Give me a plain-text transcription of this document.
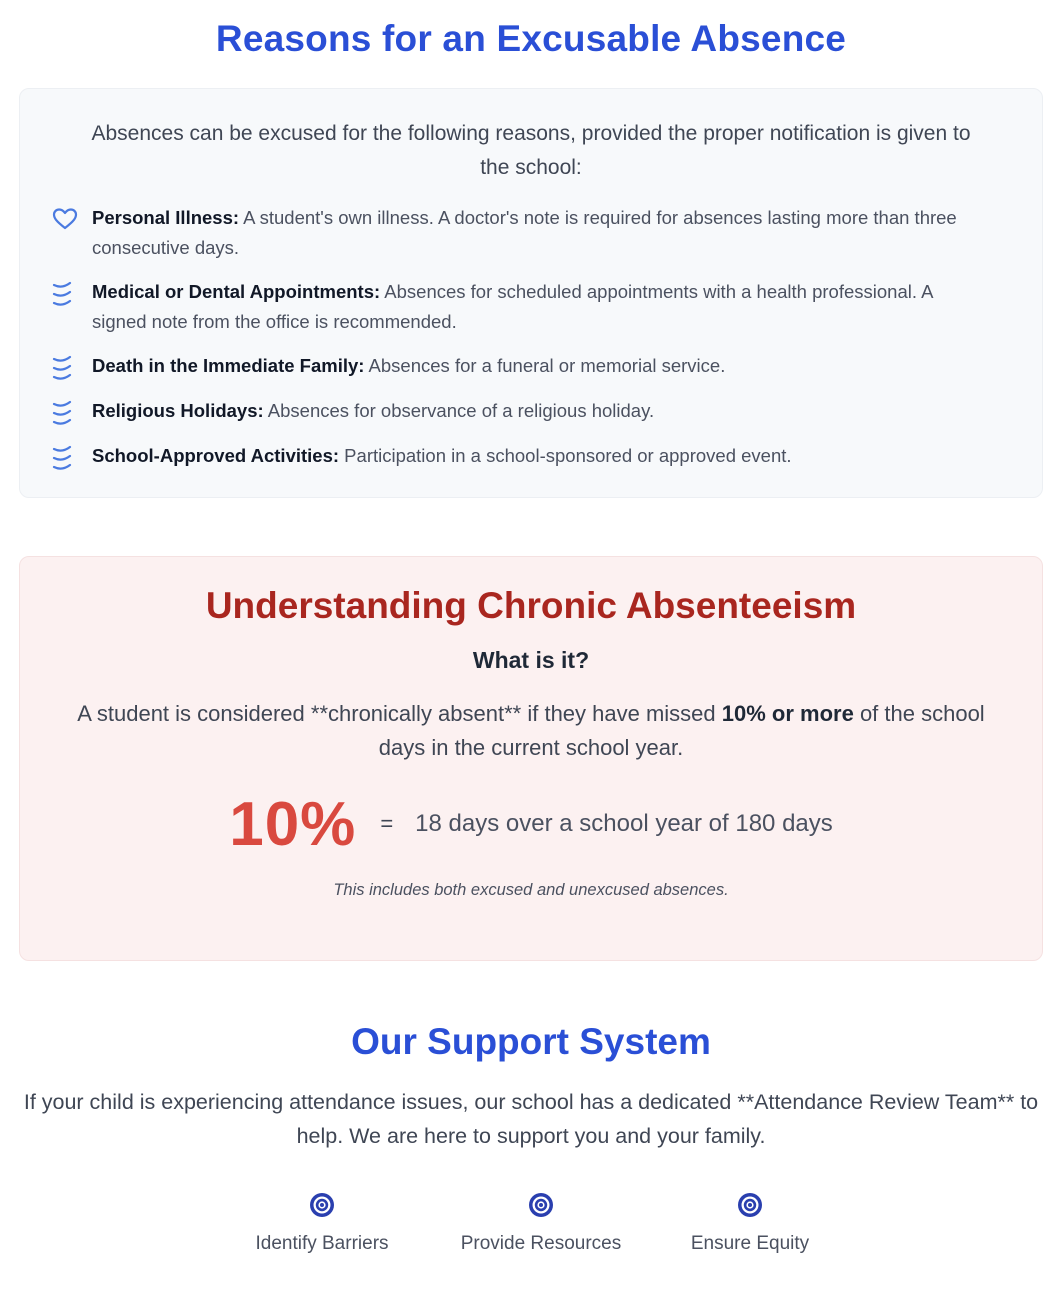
Reasons for an Excusable Absence

Absences can be excused for the following reasons, provided the proper notification is given to the school:

Personal Illness: A student's own illness. A doctor's note is required for absences lasting more than three consecutive days.
Medical or Dental Appointments: Absences for scheduled appointments with a health professional. A signed note from the office is recommended.
Death in the Immediate Family: Absences for a funeral or memorial service.
Religious Holidays: Absences for observance of a religious holiday.
School-Approved Activities: Participation in a school-sponsored or approved event.
Understanding Chronic Absenteeism
What is it?

A student is considered **chronically absent** if they have missed 10% or more of the school days in the current school year.

10% = 18 days over a school year of 180 days

This includes both excused and unexcused absences.

Our Support System

If your child is experiencing attendance issues, our school has a dedicated **Attendance Review Team** to help. We are here to support you and your family.

Identify Barriers	Provide Resources	Ensure Equity
